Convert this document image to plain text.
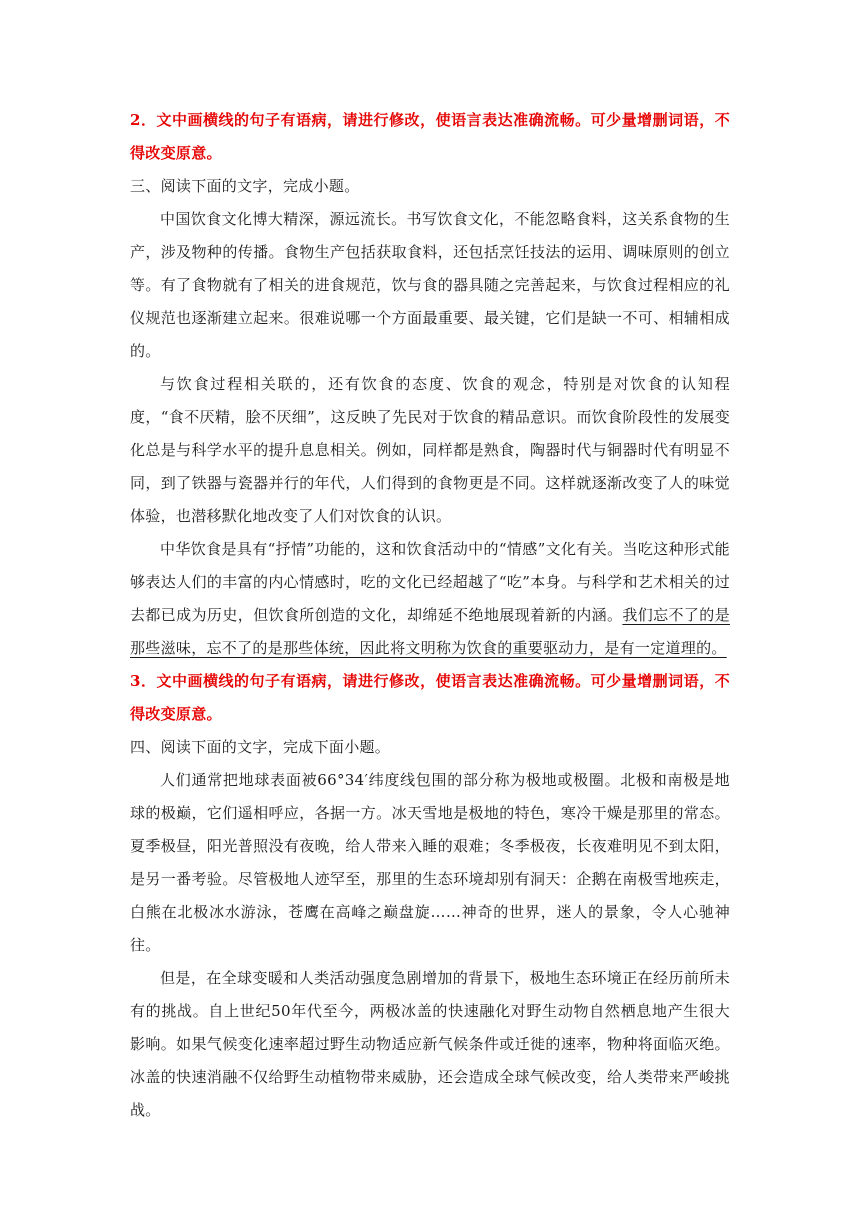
2．文中画横线的句子有语病，请进行修改，使语言表达准确流畅。可少量增删词语，不得改变原意。

三、阅读下面的文字，完成小题。

中国饮食文化博大精深，源远流长。书写饮食文化，不能忽略食料，这关系食物的生产，涉及物种的传播。食物生产包括获取食料，还包括烹饪技法的运用、调味原则的创立等。有了食物就有了相关的进食规范，饮与食的器具随之完善起来，与饮食过程相应的礼仪规范也逐渐建立起来。很难说哪一个方面最重要、最关键，它们是缺一不可、相辅相成的。

与饮食过程相关联的，还有饮食的态度、饮食的观念，特别是对饮食的认知程度，“食不厌精，脍不厌细”，这反映了先民对于饮食的精品意识。而饮食阶段性的发展变化总是与科学水平的提升息息相关。例如，同样都是熟食，陶器时代与铜器时代有明显不同，到了铁器与瓷器并行的年代，人们得到的食物更是不同。这样就逐渐改变了人的味觉体验，也潜移默化地改变了人们对饮食的认识。

中华饮食是具有“抒情”功能的，这和饮食活动中的“情感”文化有关。当吃这种形式能够表达人们的丰富的内心情感时，吃的文化已经超越了“吃”本身。与科学和艺术相关的过去都已成为历史，但饮食所创造的文化，却绵延不绝地展现着新的内涵。我们忘不了的是那些滋味，忘不了的是那些体统，因此将文明称为饮食的重要驱动力，是有一定道理的。

3．文中画横线的句子有语病，请进行修改，使语言表达准确流畅。可少量增删词语，不得改变原意。

四、阅读下面的文字，完成下面小题。

人们通常把地球表面被66°34′纬度线包围的部分称为极地或极圈。北极和南极是地球的极巅，它们遥相呼应，各据一方。冰天雪地是极地的特色，寒冷干燥是那里的常态。夏季极昼，阳光普照没有夜晚，给人带来入睡的艰难；冬季极夜，长夜难明见不到太阳，是另一番考验。尽管极地人迹罕至，那里的生态环境却别有洞天：企鹅在南极雪地疾走，白熊在北极冰水游泳，苍鹰在高峰之巅盘旋……神奇的世界，迷人的景象，令人心驰神往。

但是，在全球变暖和人类活动强度急剧增加的背景下，极地生态环境正在经历前所未有的挑战。自上世纪50年代至今，两极冰盖的快速融化对野生动物自然栖息地产生很大影响。如果气候变化速率超过野生动物适应新气候条件或迁徙的速率，物种将面临灭绝。冰盖的快速消融不仅给野生动植物带来威胁，还会造成全球气候改变，给人类带来严峻挑战。
